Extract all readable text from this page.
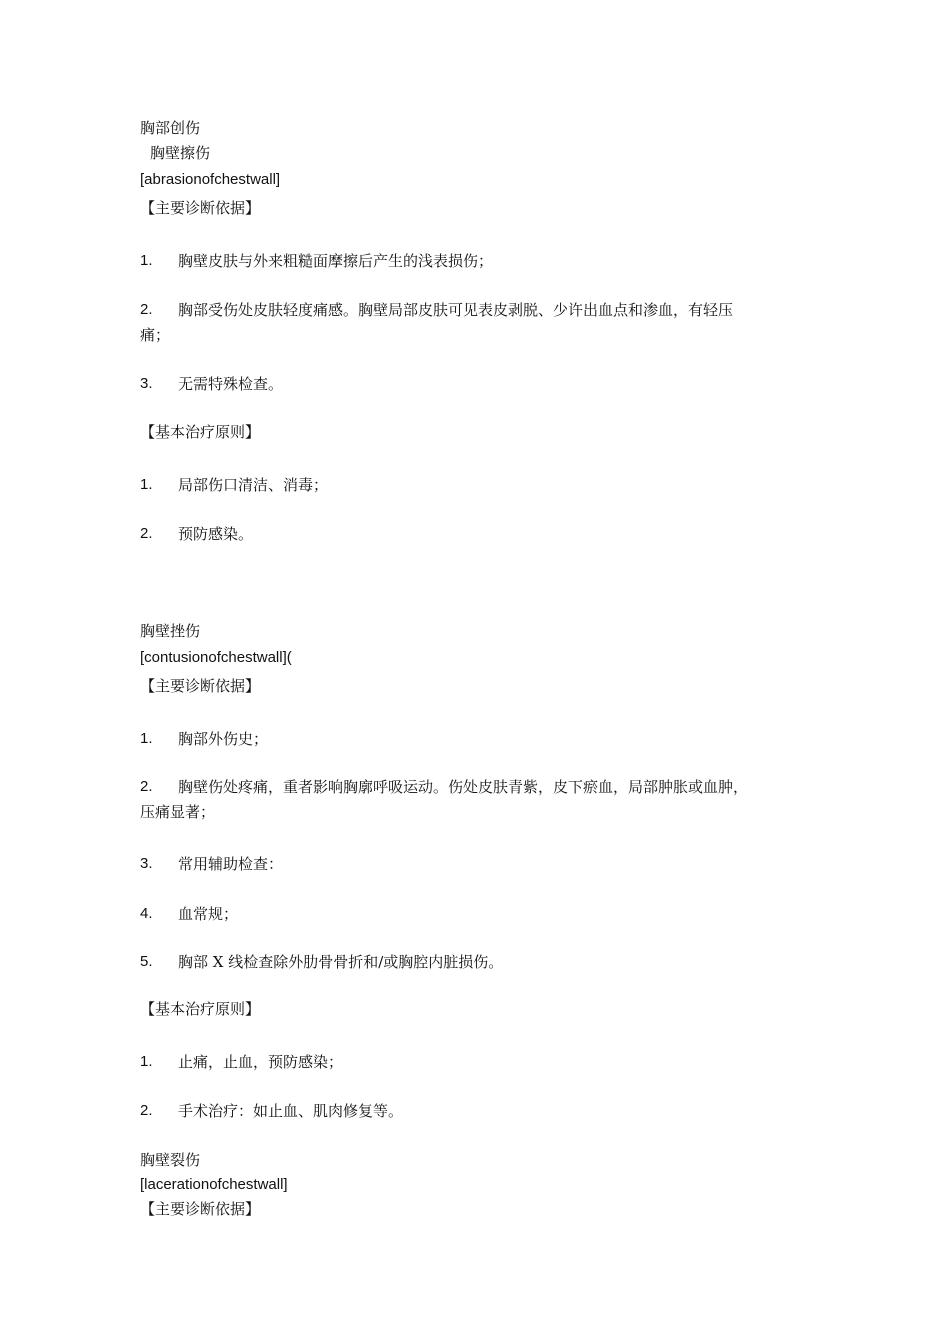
胸部创伤
胸壁擦伤
[abrasionofchestwall]
【主要诊断依据】
1. 胸壁皮肤与外来粗糙面摩擦后产生的浅表损伤；
2. 胸部受伤处皮肤轻度痛感。胸壁局部皮肤可见表皮剥脱、少许出血点和渗血，有轻压
痛；
3. 无需特殊检查。
【基本治疗原则】
1. 局部伤口清洁、消毒；
2. 预防感染。
胸壁挫伤
[contusionofchestwall](
【主要诊断依据】
1. 胸部外伤史；
2. 胸壁伤处疼痛，重者影响胸廓呼吸运动。伤处皮肤青紫，皮下瘀血，局部肿胀或血肿，
压痛显著；
3. 常用辅助检查：
4. 血常规；
5. 胸部 X 线检查除外肋骨骨折和/或胸腔内脏损伤。
【基本治疗原则】
1. 止痛，止血，预防感染；
2. 手术治疗：如止血、肌肉修复等。
胸壁裂伤
[lacerationofchestwall]
【主要诊断依据】
